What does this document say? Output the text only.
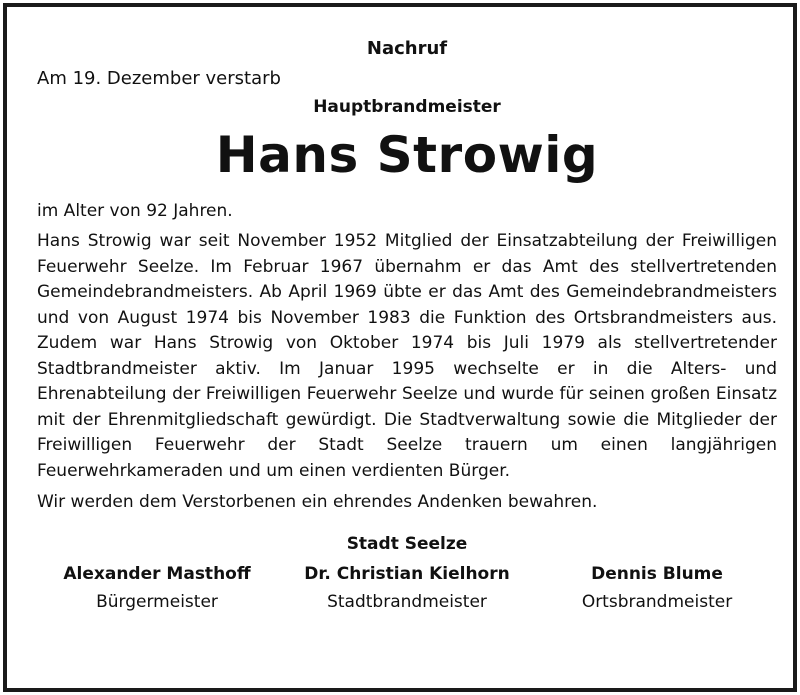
Nachruf
Am 19. Dezember verstarb
Hauptbrandmeister
Hans Strowig
im Alter von 92 Jahren.
Hans Strowig war seit November 1952 Mitglied der Einsatzabteilung der Freiwilligen Feuerwehr Seelze. Im Februar 1967 übernahm er das Amt des stellvertretenden Gemeindebrandmeisters. Ab April 1969 übte er das Amt des Gemeindebrandmeisters und von August 1974 bis November 1983 die Funktion des Ortsbrandmeisters aus. Zudem war Hans Strowig von Oktober 1974 bis Juli 1979 als stellvertretender Stadtbrandmeister aktiv. Im Januar 1995 wechselte er in die Alters- und Ehrenabteilung der Freiwilligen Feuerwehr Seelze und wurde für seinen großen Einsatz mit der Ehrenmitgliedschaft gewürdigt. Die Stadtverwaltung sowie die Mitglieder der Freiwilligen Feuerwehr der Stadt Seelze trauern um einen langjährigen Feuerwehrkameraden und um einen verdienten Bürger.
Wir werden dem Verstorbenen ein ehrendes Andenken bewahren.
Stadt Seelze
Alexander Masthoff
Bürgermeister
Dr. Christian Kielhorn
Stadtbrandmeister
Dennis Blume
Ortsbrandmeister
